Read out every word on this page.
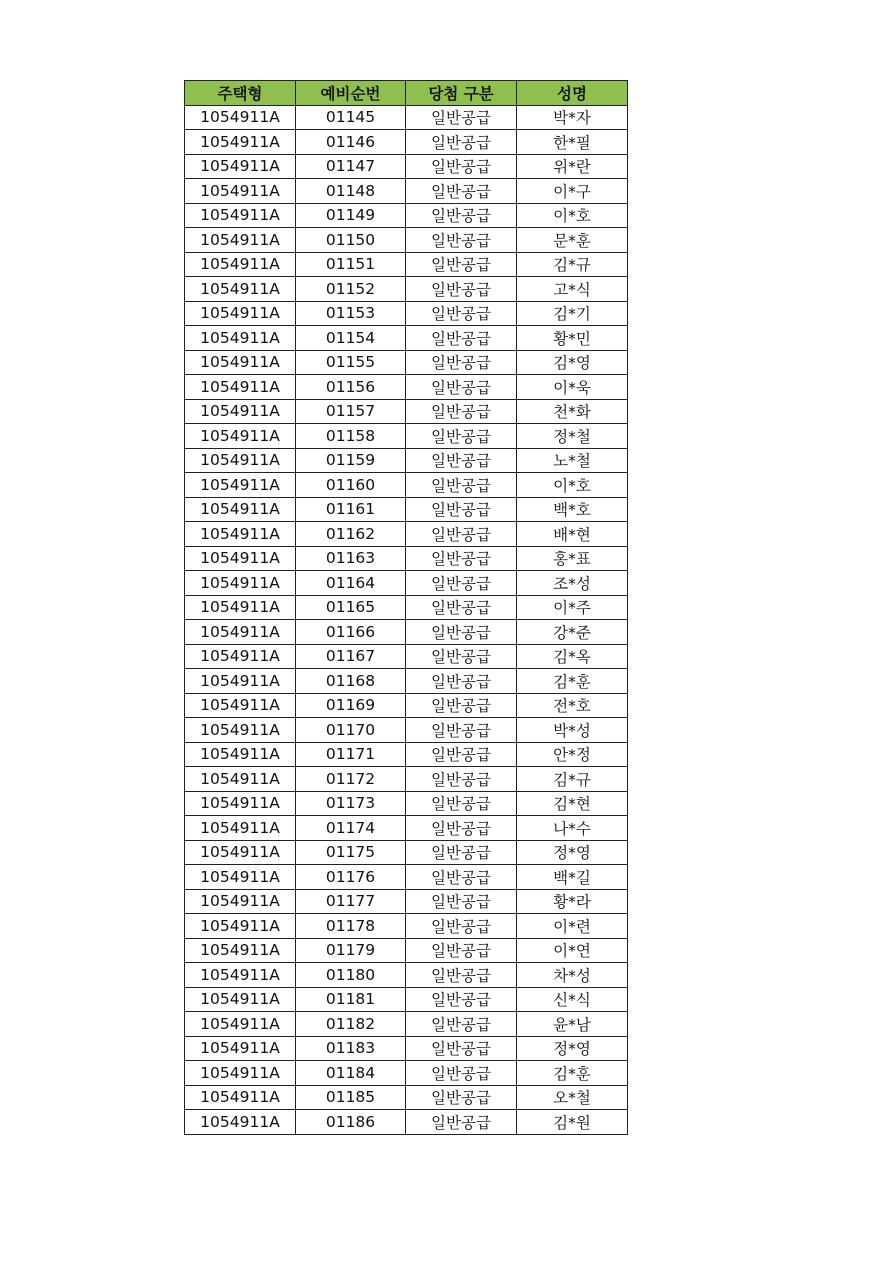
주택형	예비순번	당첨 구분	성명
1054911A	01145	일반공급	박*자
1054911A	01146	일반공급	한*필
1054911A	01147	일반공급	위*란
1054911A	01148	일반공급	이*구
1054911A	01149	일반공급	이*호
1054911A	01150	일반공급	문*훈
1054911A	01151	일반공급	김*규
1054911A	01152	일반공급	고*식
1054911A	01153	일반공급	김*기
1054911A	01154	일반공급	황*민
1054911A	01155	일반공급	김*영
1054911A	01156	일반공급	이*욱
1054911A	01157	일반공급	천*화
1054911A	01158	일반공급	정*철
1054911A	01159	일반공급	노*철
1054911A	01160	일반공급	이*호
1054911A	01161	일반공급	백*호
1054911A	01162	일반공급	배*현
1054911A	01163	일반공급	홍*표
1054911A	01164	일반공급	조*성
1054911A	01165	일반공급	이*주
1054911A	01166	일반공급	강*준
1054911A	01167	일반공급	김*옥
1054911A	01168	일반공급	김*훈
1054911A	01169	일반공급	전*호
1054911A	01170	일반공급	박*성
1054911A	01171	일반공급	안*정
1054911A	01172	일반공급	김*규
1054911A	01173	일반공급	김*현
1054911A	01174	일반공급	나*수
1054911A	01175	일반공급	정*영
1054911A	01176	일반공급	백*길
1054911A	01177	일반공급	황*라
1054911A	01178	일반공급	이*련
1054911A	01179	일반공급	이*연
1054911A	01180	일반공급	차*성
1054911A	01181	일반공급	신*식
1054911A	01182	일반공급	윤*남
1054911A	01183	일반공급	정*영
1054911A	01184	일반공급	김*훈
1054911A	01185	일반공급	오*철
1054911A	01186	일반공급	김*원
